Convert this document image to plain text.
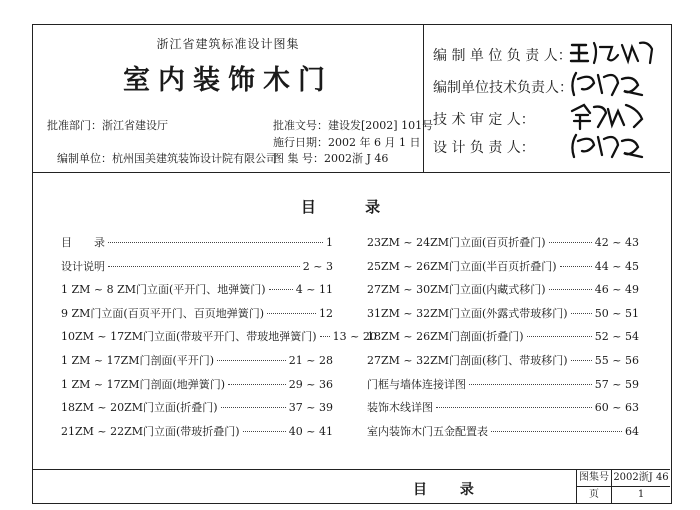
浙江省建筑标准设计图集
室内装饰木门
批准部门：浙江省建设厅
编制单位：杭州国美建筑装饰设计院有限公司
批准文号：建设发[2002] 101号
施行日期：2002 年 6 月 1 日
图 集 号：2002浙 J 46
编 制 单 位 负 责 人：
编制单位技术负责人：
技 术 审 定 人：
设 计 负 责 人：
目 录
目　　录	1
设计说明	2 ~ 3
1 ZM ~ 8 ZM门立面(平开门、地弹簧门)	4 ~ 11
9 ZM门立面(百页平开门、百页地弹簧门)	12
10ZM ~ 17ZM门立面(带玻平开门、带玻地弹簧门) 13 ~ 20
1 ZM ~ 17ZM门剖面(平开门)	21 ~ 28
1 ZM ~ 17ZM门剖面(地弹簧门)	29 ~ 36
18ZM ~ 20ZM门立面(折叠门)	37 ~ 39
21ZM ~ 22ZM门立面(带玻折叠门)	40 ~ 41
23ZM ~ 24ZM门立面(百页折叠门)	42 ~ 43
25ZM ~ 26ZM门立面(半百页折叠门)	44 ~ 45
27ZM ~ 30ZM门立面(内藏式移门)	46 ~ 49
31ZM ~ 32ZM门立面(外露式带玻移门) 50 ~ 51
18ZM ~ 26ZM门剖面(折叠门)	52 ~ 54
27ZM ~ 32ZM门剖面(移门、带玻移门) 55 ~ 56
门框与墙体连接详图	57 ~ 59
装饰木线详图	60 ~ 63
室内装饰木门五金配置表	64
目 录
图集号 2002浙J 46
页	1
